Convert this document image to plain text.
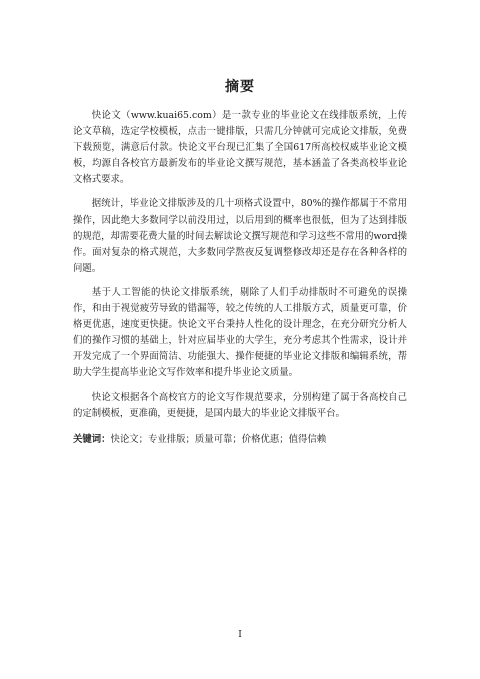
摘要

快论文（www.kuai65.com）是一款专业的毕业论文在线排版系统，上传论文草稿，选定学校模板，点击一键排版，只需几分钟就可完成论文排版，免费下载预览，满意后付款。快论文平台现已汇集了全国617所高校权威毕业论文模板，均源自各校官方最新发布的毕业论文撰写规范，基本涵盖了各类高校毕业论文格式要求。

据统计，毕业论文排版涉及的几十项格式设置中，80%的操作都属于不常用操作，因此绝大多数同学以前没用过，以后用到的概率也很低，但为了达到排版的规范，却需要花费大量的时间去解读论文撰写规范和学习这些不常用的word操作。面对复杂的格式规范，大多数同学熬夜反复调整修改却还是存在各种各样的问题。

基于人工智能的快论文排版系统，剔除了人们手动排版时不可避免的误操作，和由于视觉疲劳导致的错漏等，较之传统的人工排版方式，质量更可靠，价格更优惠，速度更快捷。快论文平台秉持人性化的设计理念，在充分研究分析人们的操作习惯的基础上，针对应届毕业的大学生，充分考虑其个性需求，设计并开发完成了一个界面简洁、功能强大、操作便捷的毕业论文排版和编辑系统，帮助大学生提高毕业论文写作效率和提升毕业论文质量。

快论文根据各个高校官方的论文写作规范要求，分别构建了属于各高校自己的定制模板，更准确，更便捷，是国内最大的毕业论文排版平台。

关键词：快论文；专业排版；质量可靠；价格优惠；值得信赖
I
